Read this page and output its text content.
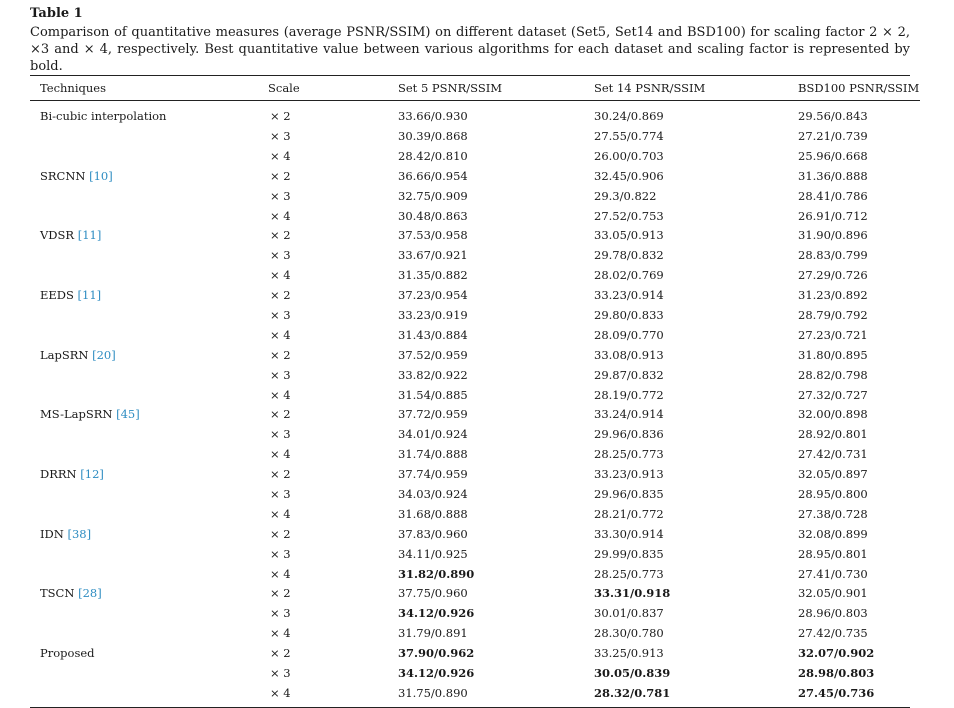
Table 1
Comparison of quantitative measures (average PSNR/SSIM) on different dataset (Set5, Set14 and BSD100) for scaling factor 2 × 2, ×3 and × 4, respectively. Best quantitative value between various algorithms for each dataset and scaling factor is represented by bold.
Techniques	Scale	Set 5 PSNR/SSIM	Set 14 PSNR/SSIM	BSD100 PSNR/SSIM
Bi-cubic interpolation	× 2	33.66/0.930	30.24/0.869	29.56/0.843
	× 3	30.39/0.868	27.55/0.774	27.21/0.739
	× 4	28.42/0.810	26.00/0.703	25.96/0.668
SRCNN [10]	× 2	36.66/0.954	32.45/0.906	31.36/0.888
	× 3	32.75/0.909	29.3/0.822	28.41/0.786
	× 4	30.48/0.863	27.52/0.753	26.91/0.712
VDSR [11]	× 2	37.53/0.958	33.05/0.913	31.90/0.896
	× 3	33.67/0.921	29.78/0.832	28.83/0.799
	× 4	31.35/0.882	28.02/0.769	27.29/0.726
EEDS [11]	× 2	37.23/0.954	33.23/0.914	31.23/0.892
	× 3	33.23/0.919	29.80/0.833	28.79/0.792
	× 4	31.43/0.884	28.09/0.770	27.23/0.721
LapSRN [20]	× 2	37.52/0.959	33.08/0.913	31.80/0.895
	× 3	33.82/0.922	29.87/0.832	28.82/0.798
	× 4	31.54/0.885	28.19/0.772	27.32/0.727
MS-LapSRN [45]	× 2	37.72/0.959	33.24/0.914	32.00/0.898
	× 3	34.01/0.924	29.96/0.836	28.92/0.801
	× 4	31.74/0.888	28.25/0.773	27.42/0.731
DRRN [12]	× 2	37.74/0.959	33.23/0.913	32.05/0.897
	× 3	34.03/0.924	29.96/0.835	28.95/0.800
	× 4	31.68/0.888	28.21/0.772	27.38/0.728
IDN [38]	× 2	37.83/0.960	33.30/0.914	32.08/0.899
	× 3	34.11/0.925	29.99/0.835	28.95/0.801
	× 4	31.82/0.890	28.25/0.773	27.41/0.730
TSCN [28]	× 2	37.75/0.960	33.31/0.918	32.05/0.901
	× 3	34.12/0.926	30.01/0.837	28.96/0.803
	× 4	31.79/0.891	28.30/0.780	27.42/0.735
Proposed	× 2	37.90/0.962	33.25/0.913	32.07/0.902
	× 3	34.12/0.926	30.05/0.839	28.98/0.803
	× 4	31.75/0.890	28.32/0.781	27.45/0.736
